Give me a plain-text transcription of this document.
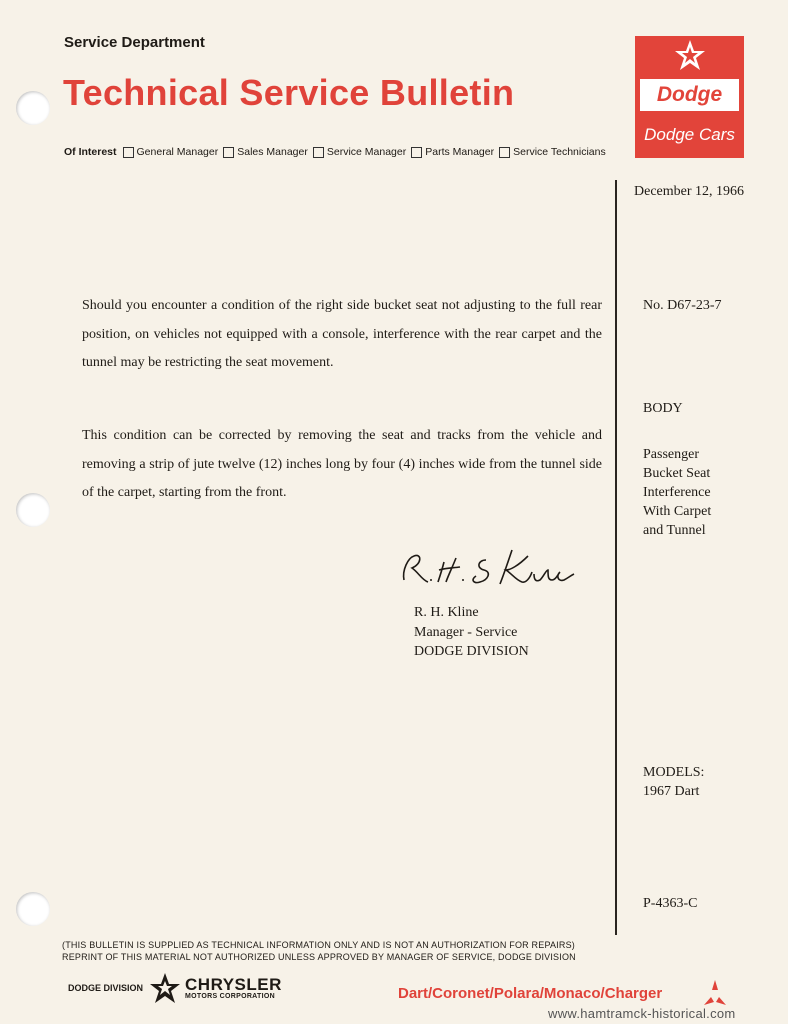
Service Department
Technical Service Bulletin
Of Interest General Manager Sales Manager Service Manager Parts Manager Service Technicians
Dodge
Dodge Cars
December 12, 1966
No. D67-23-7
BODY
Passenger
Bucket Seat
Interference
With Carpet
and Tunnel
MODELS:
1967 Dart
P-4363-C
Should you encounter a condition of the right side bucket seat not adjusting to the full rear position, on vehicles not equipped with a console, interference with the rear carpet and the tunnel may be restricting the seat movement.
This condition can be corrected by removing the seat and tracks from the vehicle and removing a strip of jute twelve (12) inches long by four (4) inches wide from the tunnel side of the carpet, starting from the front.
R. H. Kline
Manager - Service
DODGE DIVISION
(THIS BULLETIN IS SUPPLIED AS TECHNICAL INFORMATION ONLY AND IS NOT AN AUTHORIZATION FOR REPAIRS)
REPRINT OF THIS MATERIAL NOT AUTHORIZED UNLESS APPROVED BY MANAGER OF SERVICE, DODGE DIVISION
DODGE DIVISION CHRYSLER
MOTORS CORPORATION	Dart/Coronet/Polara/Monaco/Charger
www.hamtramck-historical.com
